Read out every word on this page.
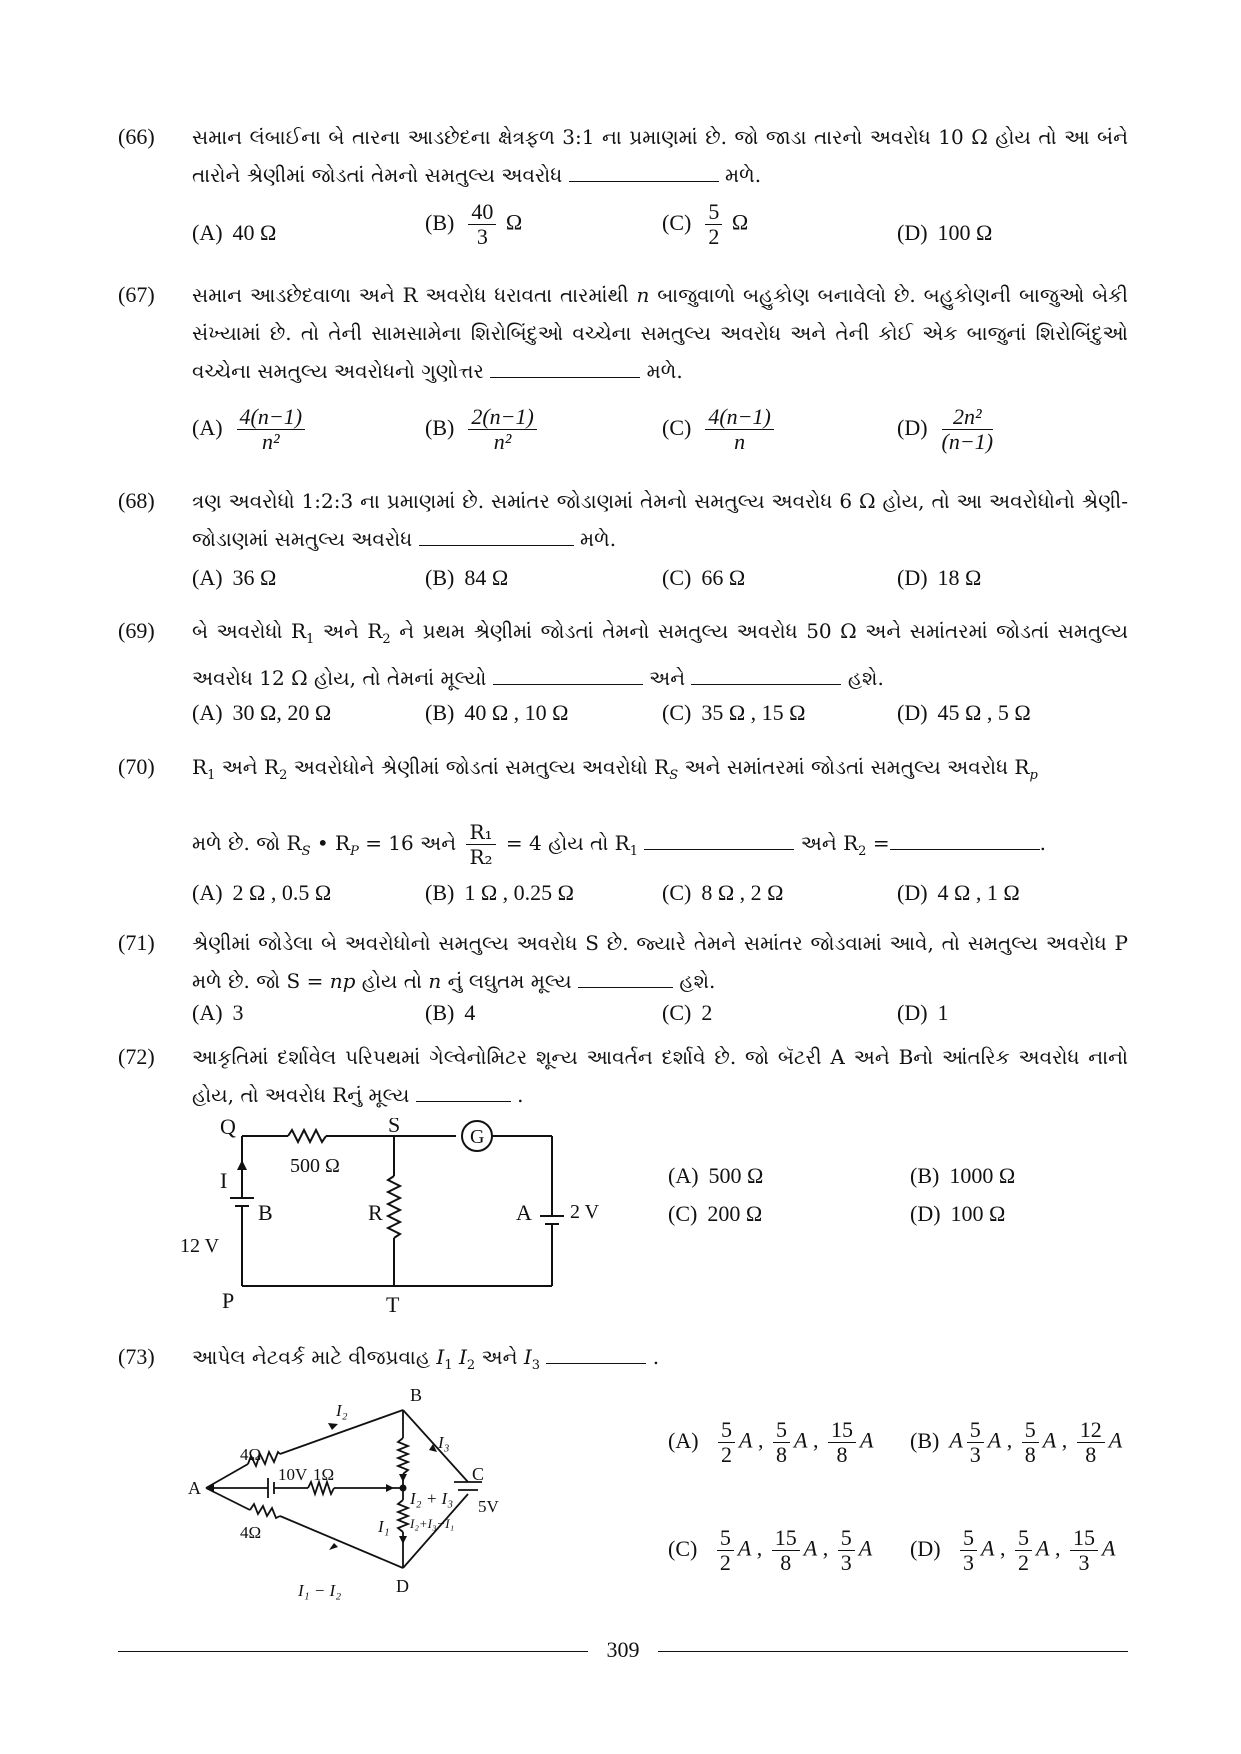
(66) સમાન લંબાઈના બે તારના આડછેદના ક્ષેત્રફળ 3:1 ના પ્રમાણમાં છે. જો જાડા તારનો અવરોધ 10 Ω હોય તો આ બંને તારોને શ્રેણીમાં જોડતાં તેમનો સમતુલ્ય અવરોધ	મળે.
(A) 40 Ω	$(B) \frac{40}{3}$ Ω	$(C) \frac{5}{2}$ Ω	(D) 100 Ω
(67) સમાન આડછેદવાળા અને R અવરોધ ધરાવતા તારમાંથી n બાજુવાળો બહુકોણ બનાવેલો છે. બહુકોણની બાજુઓ બેકી સંખ્યામાં છે. તો તેની સામસામેના શિરોબિંદુઓ વચ્ચેના સમતુલ્ય અવરોધ અને તેની કોઈ એક બાજુનાં શિરોબિંદુઓ વચ્ચેના સમતુલ્ય અવરોધનો ગુણોત્તર	મળે.
$(A) \frac{4(n-1)}{\text{n²}}$	$(B) \frac{2(n-1)}{\text{n²}}$	$(C) \frac{4(n-1)}{n}$	$(D) \frac{\text{2n²}}{(n-1)}$
(68) ત્રણ અવરોધો 1:2:3 ના પ્રમાણમાં છે. સમાંતર જોડાણમાં તેમનો સમતુલ્ય અવરોધ 6 Ω હોય, તો આ અવરોધોનો શ્રેણી-જોડાણમાં સમતુલ્ય અવરોધ	મળે.
(A) 36 Ω	(B) 84 Ω	(C) 66 Ω	(D) 18 Ω
(69) બે અવરોધો $R_1$ અને $R_2$ ને પ્રથમ શ્રેણીમાં જોડતાં તેમનો સમતુલ્ય અવરોધ 50 Ω અને સમાંતરમાં જોડતાં સમતુલ્ય અવરોધ 12 Ω હોય, તો તેમનાં મૂલ્યો	અને	હશે.
(A) 30 Ω, 20 Ω	(B) 40 Ω , 10 Ω	(C) 35 Ω , 15 Ω	(D) 45 Ω , 5 Ω
(70) $R_1$ અને $R_2$ અવરોધોને શ્રેણીમાં જોડતાં સમતુલ્ય અવરોધો $R_S$ અને સમાંતરમાં જોડતાં સમતુલ્ય અવરોધ $R_p$
મળે છે. જો $R_S$ • $R_P = 16$ અને $\frac{\text{R₁}}{\text{R₂}} = 4$ હોય તો $R_1$	અને $R_2$ =	.
(A) 2 Ω , 0.5 Ω	(B) 1 Ω , 0.25 Ω	(C) 8 Ω , 2 Ω	(D) 4 Ω , 1 Ω
(71) શ્રેણીમાં જોડેલા બે અવરોધોનો સમતુલ્ય અવરોધ S છે. જ્યારે તેમને સમાંતર જોડવામાં આવે, તો સમતુલ્ય અવરોધ P મળે છે. જો S = np હોય તો n નું લઘુતમ મૂલ્ય	હશે.
(A) 3	(B) 4	(C) 2	(D) 1
(72) આકૃતિમાં દર્શાવેલ પરિપથમાં ગેલ્વેનોમિટર શૂન્ય આવર્તન દર્શાવે છે. જો બૅટરી A અને Bનો આંતરિક અવરોધ નાનો હોય, તો અવરોધ Rનું મૂલ્ય	.
Q	S	G
500 Ω
I
B	R	A
12 V
2 V
P	T
(A) 500 Ω	(B) 1000 Ω
(C) 200 Ω	(D) 100 Ω
(73) આપેલ નેટવર્ક માટે વીજપ્રવાહ $I_1$ $I_2$ અને $I_3$	.
B
A
C
D
4Ω
4Ω
10V 1Ω
5V
I₂
I₃
I₂ + I₃
I₁ I₂+I₃−I₁
I₁ − I₂
$(A) \frac{5}{2}$ A , $\frac{5}{8}$ A , $\frac{15}{8}$ A (B) A $\frac{5}{3}$ A , $\frac{5}{8}$ A , $\frac{12}{8}$ A
$(C) \frac{5}{2}$ A , $\frac{15}{8}$ A , $\frac{5}{3}$ A $(D) \frac{5}{3}$ A , $\frac{5}{2}$ A , $\frac{15}{3}$ A
309
